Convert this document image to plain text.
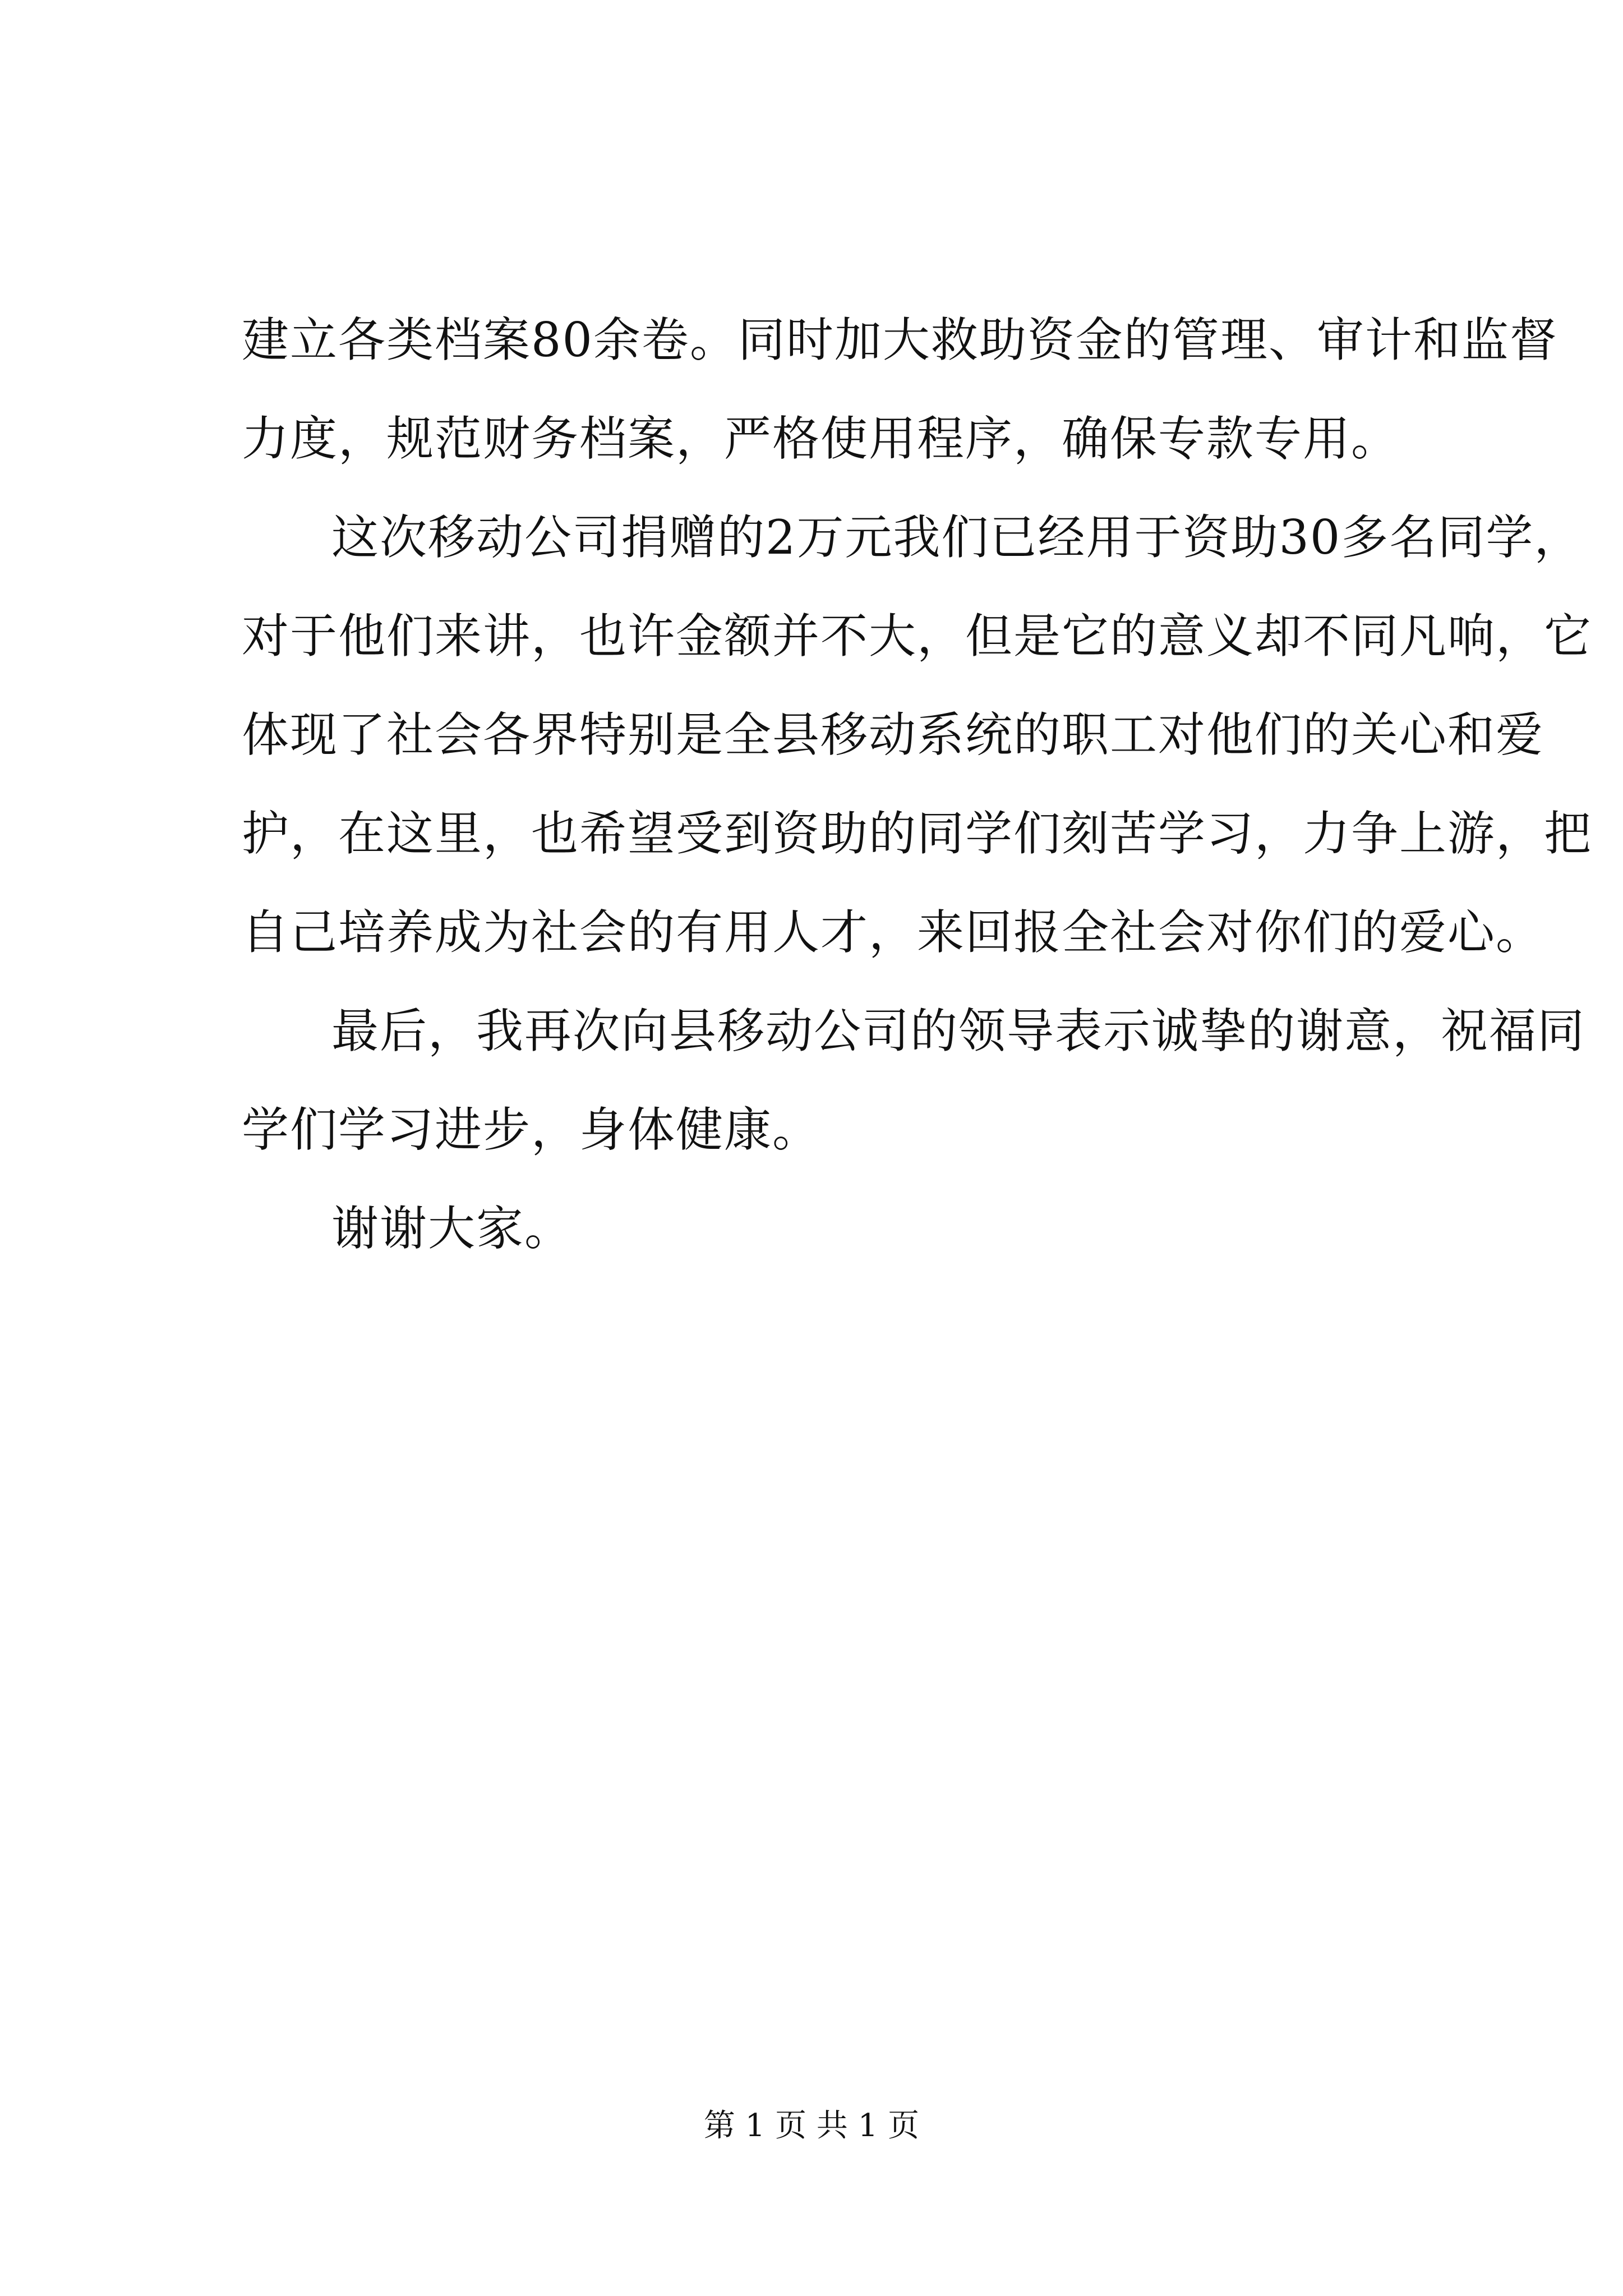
建立各类档案80余卷。同时加大救助资金的管理、审计和监督
力度，规范财务档案，严格使用程序，确保专款专用。
这次移动公司捐赠的2万元我们已经用于资助30多名同学，
对于他们来讲，也许金额并不大，但是它的意义却不同凡响，它
体现了社会各界特别是全县移动系统的职工对他们的关心和爱
护，在这里，也希望受到资助的同学们刻苦学习，力争上游，把
自己培养成为社会的有用人才，来回报全社会对你们的爱心。
最后，我再次向县移动公司的领导表示诚挚的谢意，祝福同
学们学习进步，身体健康。
谢谢大家。
第 1 页 共 1 页
